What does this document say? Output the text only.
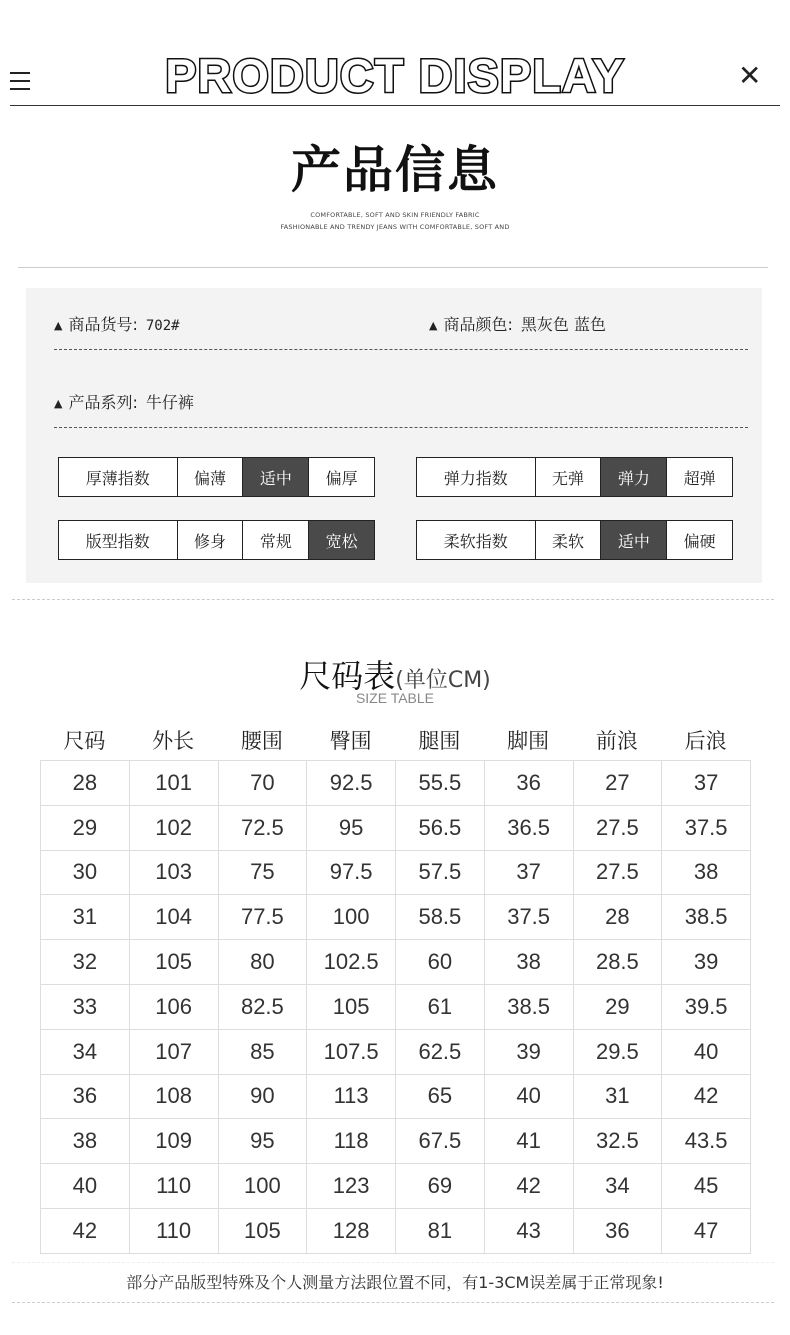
PRODUCT DISPLAY	✕
产品信息
COMFORTABLE, SOFT AND SKIN FRIENDLY FABRIC
FASHIONABLE AND TRENDY JEANS WITH COMFORTABLE, SOFT AND
▲ 商品货号: 702#	▲ 商品颜色: 黑灰色 蓝色
▲ 产品系列: 牛仔裤
厚薄指数	偏薄	适中	偏厚	弹力指数	无弹	弹力	超弹
版型指数	修身	常规	宽松	柔软指数	柔软	适中	偏硬
尺码表(单位CM)
SIZE TABLE
尺码	外长	腰围	臀围	腿围	脚围	前浪	后浪
28	101	70	92.5	55.5	36	27	37
29	102	72.5	95	56.5	36.5	27.5	37.5
30	103	75	97.5	57.5	37	27.5	38
31	104	77.5	100	58.5	37.5	28	38.5
32	105	80	102.5	60	38	28.5	39
33	106	82.5	105	61	38.5	29	39.5
34	107	85	107.5	62.5	39	29.5	40
36	108	90	113	65	40	31	42
38	109	95	118	67.5	41	32.5	43.5
40	110	100	123	69	42	34	45
42	110	105	128	81	43	36	47
部分产品版型特殊及个人测量方法跟位置不同，有1-3CM误差属于正常现象!
